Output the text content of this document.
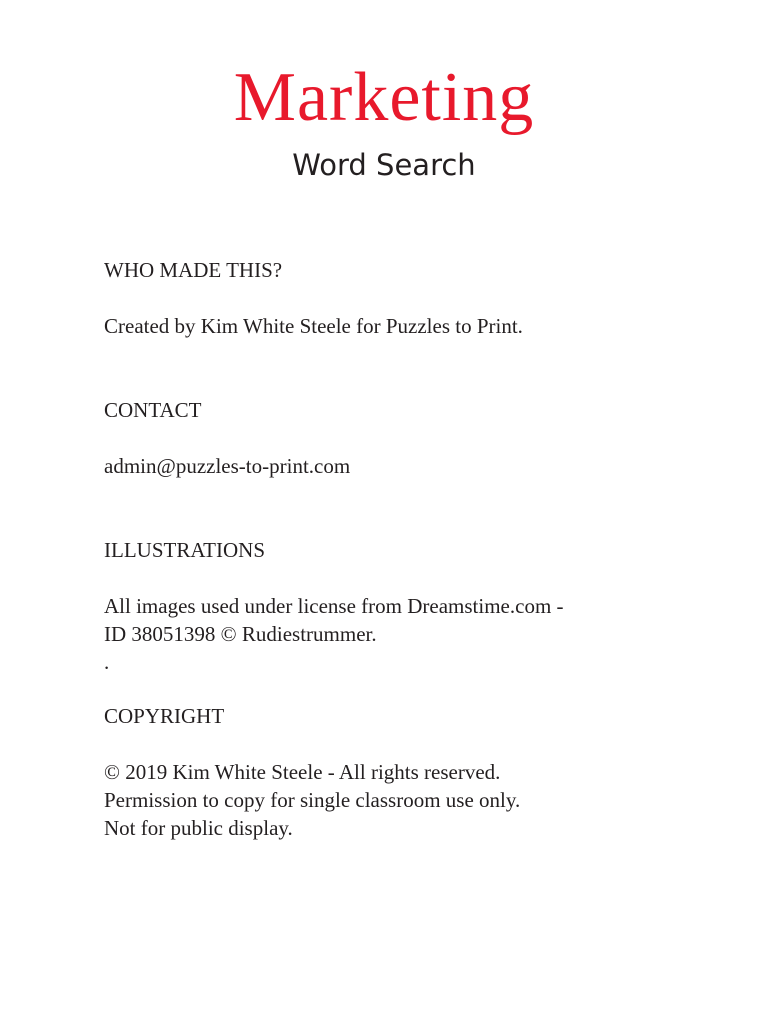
Marketing
Word Search
WHO MADE THIS?

Created by Kim White Steele for Puzzles to Print.

CONTACT

admin@puzzles-to-print.com

ILLUSTRATIONS

All images used under license from Dreamstime.com -

ID 38051398 © Rudiestrummer.

.

COPYRIGHT

© 2019 Kim White Steele - All rights reserved.

Permission to copy for single classroom use only.

Not for public display.
